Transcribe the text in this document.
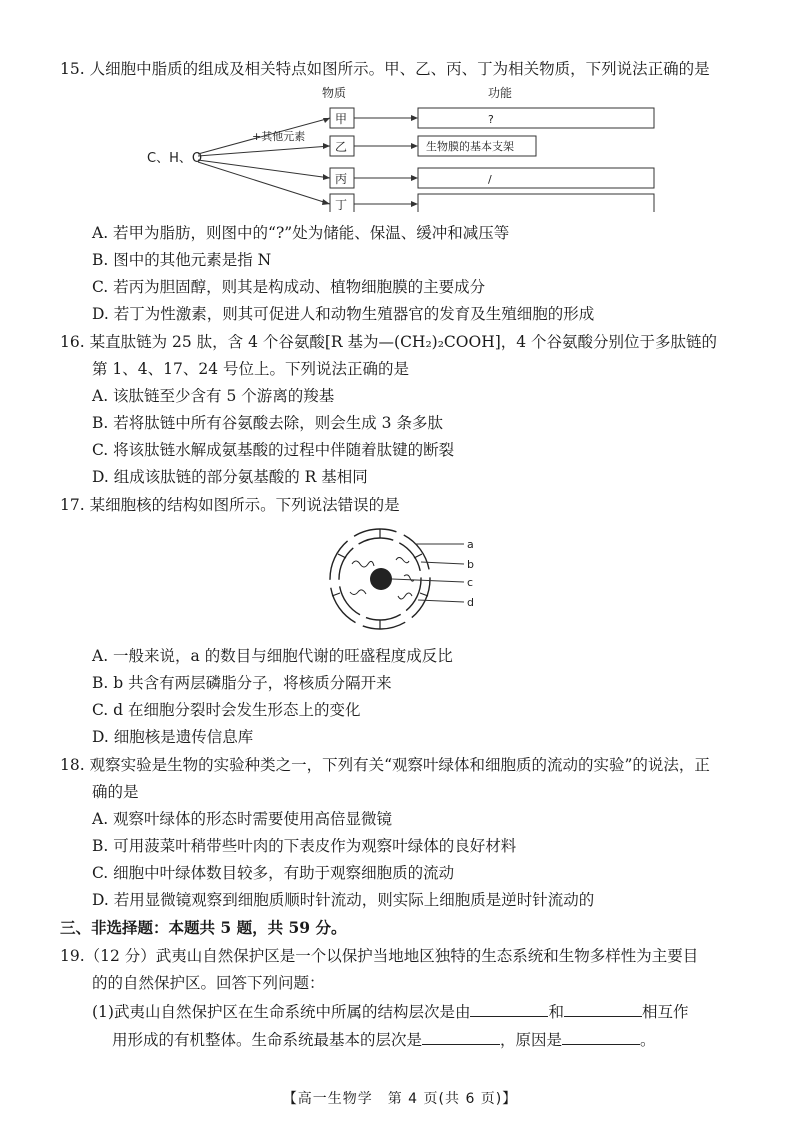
15. 人细胞中脂质的组成及相关特点如图所示。甲、乙、丙、丁为相关物质，下列说法正确的是
物质	功能
C、H、O
+其他元素
甲
乙
丙
丁
?
生物膜的基本支架
/
A. 若甲为脂肪，则图中的“?”处为储能、保温、缓冲和减压等
B. 图中的其他元素是指 N
C. 若丙为胆固醇，则其是构成动、植物细胞膜的主要成分
D. 若丁为性激素，则其可促进人和动物生殖器官的发育及生殖细胞的形成
16. 某直肽链为 25 肽，含 4 个谷氨酸[R 基为—(CH₂)₂COOH]，4 个谷氨酸分别位于多肽链的
第 1、4、17、24 号位上。下列说法正确的是
A. 该肽链至少含有 5 个游离的羧基
B. 若将肽链中所有谷氨酸去除，则会生成 3 条多肽
C. 将该肽链水解成氨基酸的过程中伴随着肽键的断裂
D. 组成该肽链的部分氨基酸的 R 基相同
17. 某细胞核的结构如图所示。下列说法错误的是
a
b
c
d
A. 一般来说，a 的数目与细胞代谢的旺盛程度成反比
B. b 共含有两层磷脂分子，将核质分隔开来
C. d 在细胞分裂时会发生形态上的变化
D. 细胞核是遗传信息库
18. 观察实验是生物的实验种类之一，下列有关“观察叶绿体和细胞质的流动的实验”的说法，正
确的是
A. 观察叶绿体的形态时需要使用高倍显微镜
B. 可用菠菜叶稍带些叶肉的下表皮作为观察叶绿体的良好材料
C. 细胞中叶绿体数目较多，有助于观察细胞质的流动
D. 若用显微镜观察到细胞质顺时针流动，则实际上细胞质是逆时针流动的
三、非选择题：本题共 5 题，共 59 分。
19.（12 分）武夷山自然保护区是一个以保护当地地区独特的生态系统和生物多样性为主要目
的的自然保护区。回答下列问题：
(1)武夷山自然保护区在生命系统中所属的结构层次是由	和	相互作
用形成的有机整体。生命系统最基本的层次是	，原因是	。
【高一生物学　第 4 页(共 6 页)】
